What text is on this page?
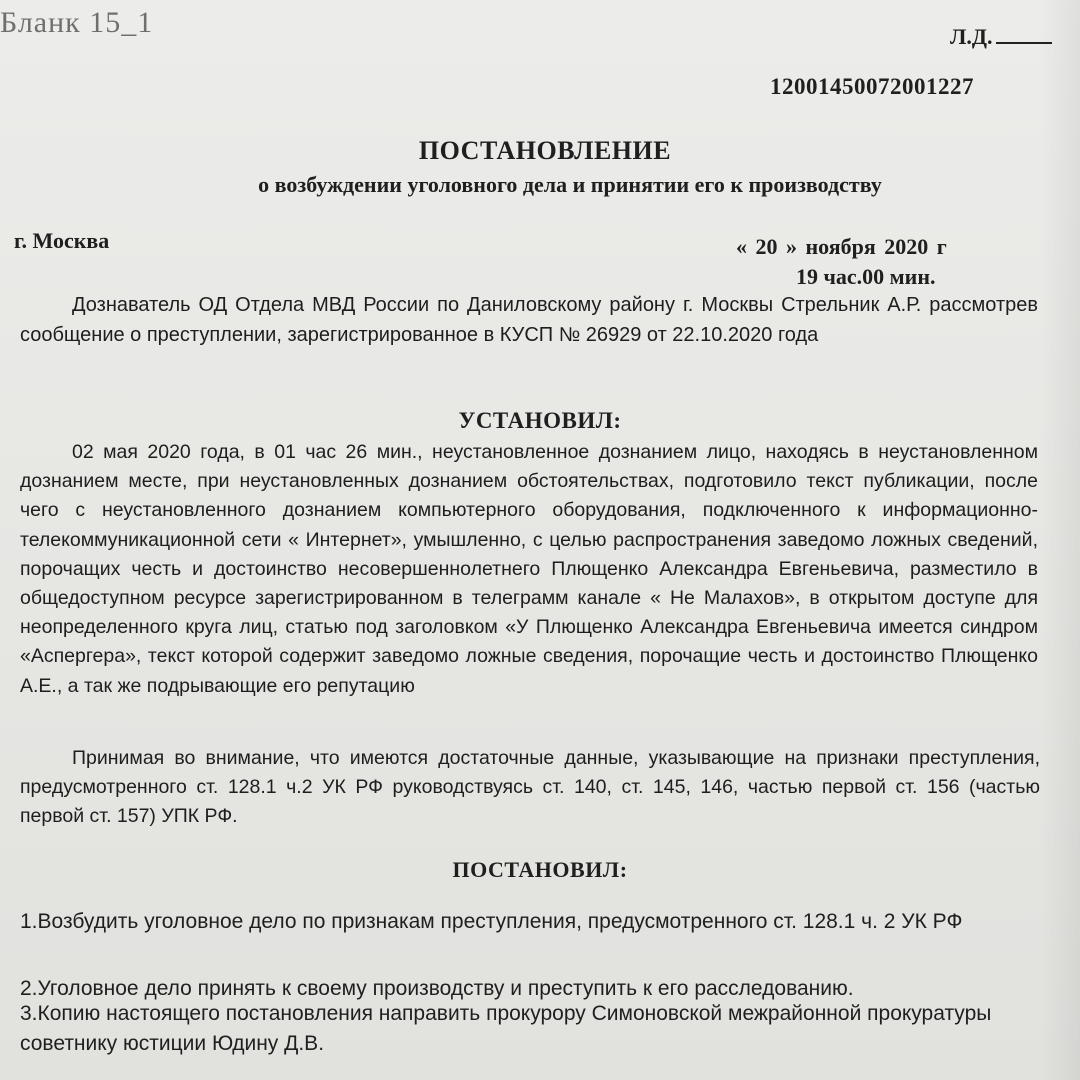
Бланк 15_1	Л.Д.
12001450072001227
ПОСТАНОВЛЕНИЕ
о возбуждении уголовного дела и принятии его к производству
г. Москва	« 20 » ноября 2020 г
19 час.00 мин.
Дознаватель ОД Отдела МВД России по Даниловскому району г. Москвы Стрельник А.Р. рассмотрев сообщение о преступлении, зарегистрированное в КУСП № 26929 от 22.10.2020 года
УСТАНОВИЛ:
02 мая 2020 года, в 01 час 26 мин., неустановленное дознанием лицо, находясь в неустановленном дознанием месте, при неустановленных дознанием обстоятельствах, подготовило текст публикации, после чего с неустановленного дознанием компьютерного оборудования, подключенного к информационно-телекоммуникационной сети « Интернет», умышленно, с целью распространения заведомо ложных сведений, порочащих честь и достоинство несовершеннолетнего Плющенко Александра Евгеньевича, разместило в общедоступном ресурсе зарегистрированном в телеграмм канале « Не Малахов», в открытом доступе для неопределенного круга лиц, статью под заголовком «У Плющенко Александра Евгеньевича имеется синдром «Аспергера», текст которой содержит заведомо ложные сведения, порочащие честь и достоинство Плющенко А.Е., а так же подрывающие его репутацию
Принимая во внимание, что имеются достаточные данные, указывающие на признаки преступления, предусмотренного ст. 128.1 ч.2 УК РФ руководствуясь ст. 140, ст. 145, 146, частью первой ст. 156 (частью первой ст. 157) УПК РФ.
ПОСТАНОВИЛ:
1.Возбудить уголовное дело по признакам преступления, предусмотренного ст. 128.1 ч. 2 УК РФ
2.Уголовное дело принять к своему производству и преступить к его расследованию.
3.Копию настоящего постановления направить прокурору Симоновской межрайонной прокуратуры советнику юстиции Юдину Д.В.
